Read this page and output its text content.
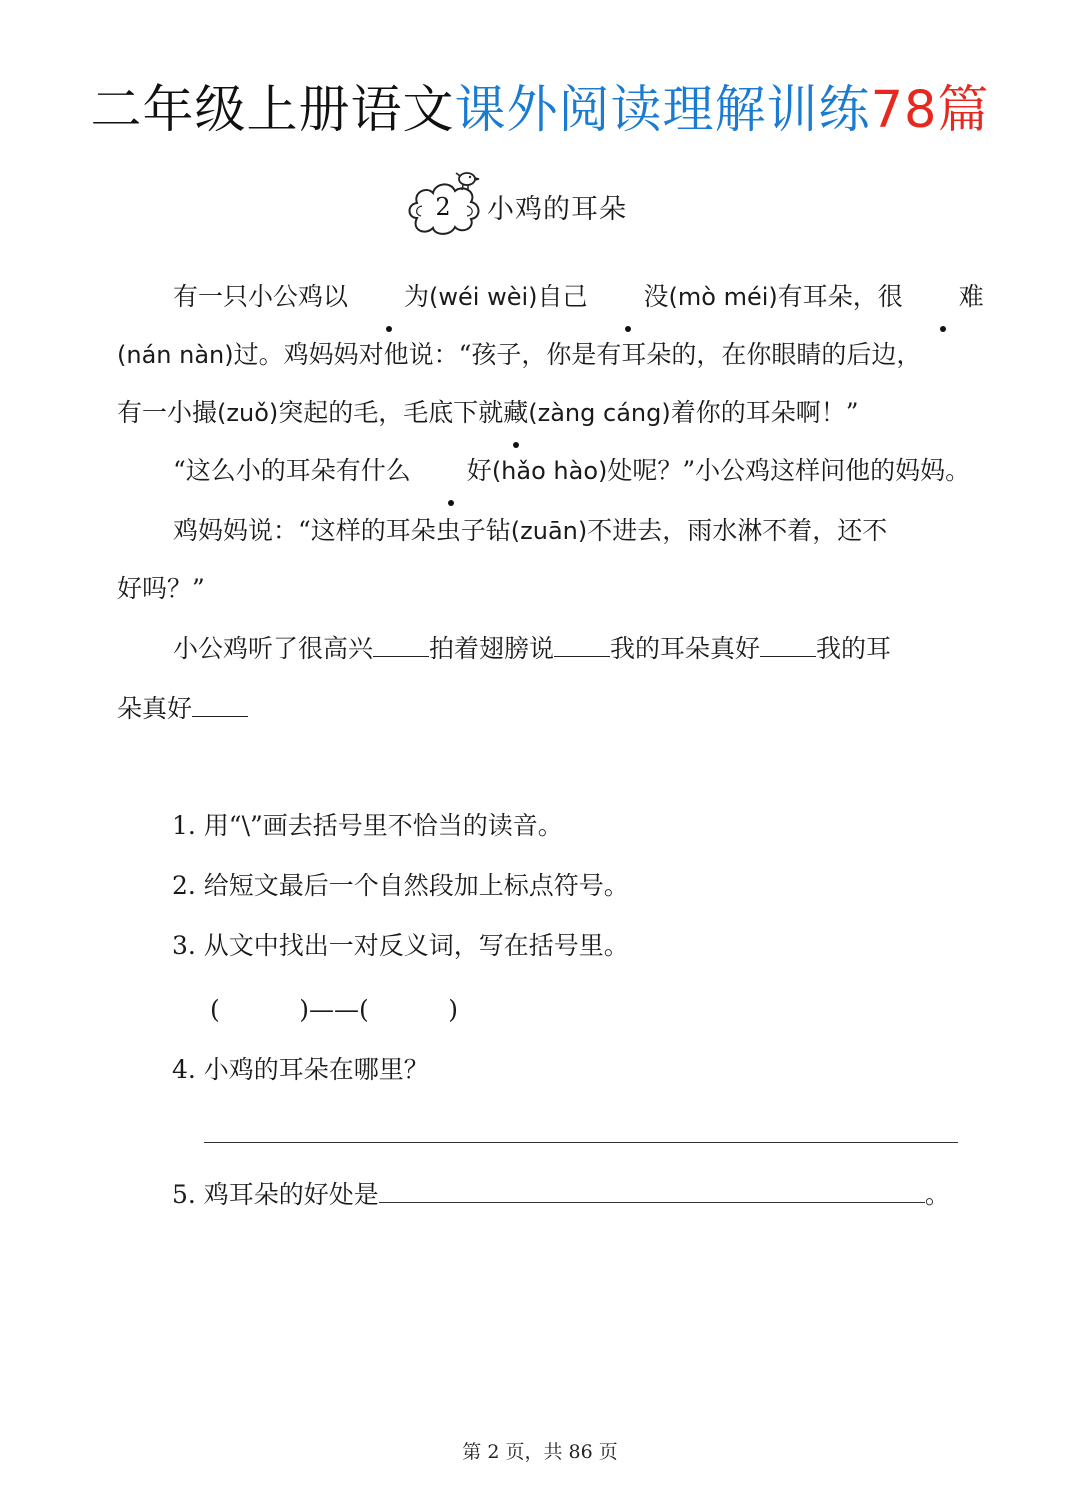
二年级上册语文课外阅读理解训练78篇
2	小鸡的耳朵
有一只小公鸡以 为(wéi wèi)自己 没(mò méi)有耳朵，很 难
(nán nàn)过。鸡妈妈对他说：“孩子，你是有耳朵的，在你眼睛的后边，
有一小撮(zuǒ)突起的毛，毛底下就藏(zàng cáng)着你的耳朵啊！”
“这么小的耳朵有什么 好(hǎo hào)处呢？”小公鸡这样问他的妈妈。
鸡妈妈说：“这样的耳朵虫子钻(zuān)不进去，雨水淋不着，还不
好吗？”
小公鸡听了很高兴 拍着翅膀说 我的耳朵真好 我的耳
朵真好
1. 用“\”画去括号里不恰当的读音。
2. 给短文最后一个自然段加上标点符号。
3. 从文中找出一对反义词，写在括号里。
(          )——(          )
4. 小鸡的耳朵在哪里？
5. 鸡耳朵的好处是	。
第 2 页，共 86 页
